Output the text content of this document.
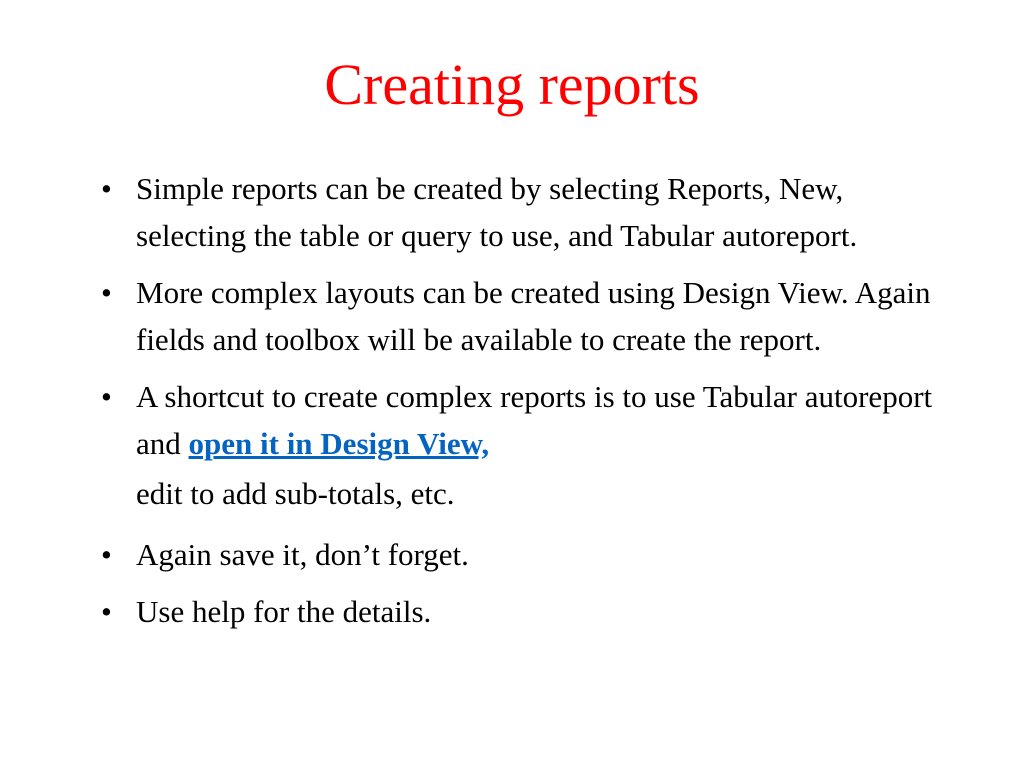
Creating reports
• Simple reports can be created by selecting Reports, New, selecting the table or query to use, and Tabular autoreport.
• More complex layouts can be created using Design View. Again fields and toolbox will be available to create the report.
• A shortcut to create complex reports is to use Tabular autoreport and open it in Design View,
edit to add sub-totals, etc.
• Again save it, don’t forget.
• Use help for the details.
